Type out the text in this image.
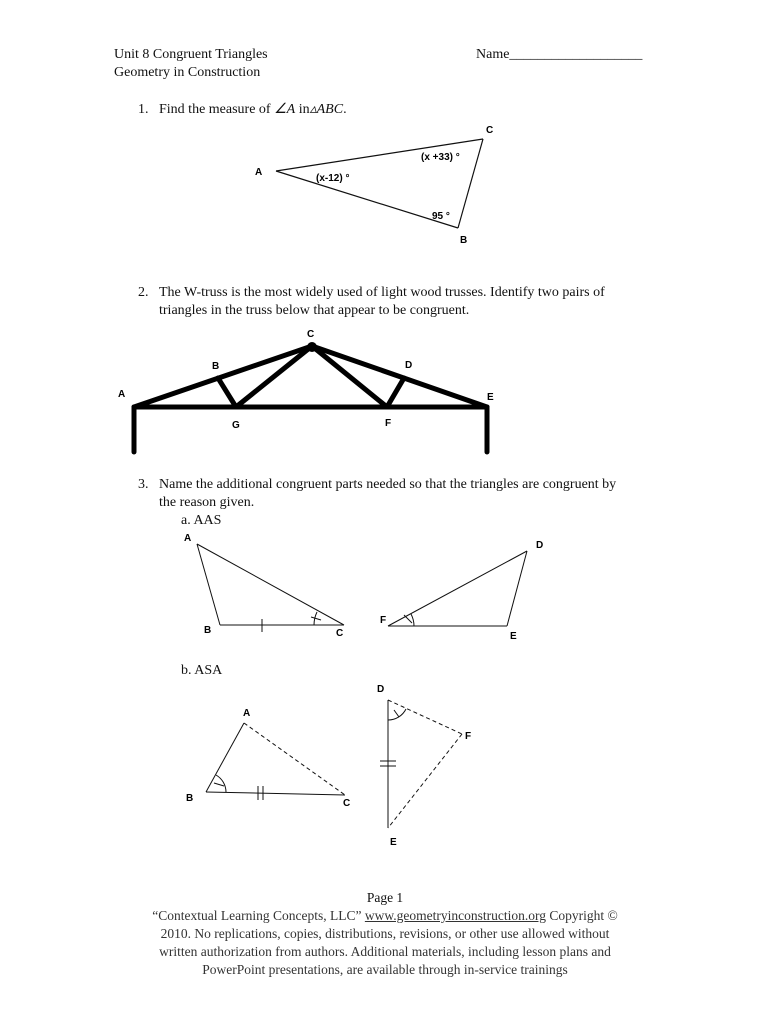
Unit 8 Congruent Triangles
Geometry in Construction
Name___________________
1. Find the measure of ∠A in▵ABC.
2. The W-truss is the most widely used of light wood trusses. Identify two pairs of
triangles in the truss below that appear to be congruent.
3. Name the additional congruent parts needed so that the triangles are congruent by
the reason given.
a. AAS
b. ASA
A
C
B
(x-12) °
(x +33) °
95 °
C
B	D
A	E
G	F
A
B	C
D
E
F
A
B	C
D
E
F
Page 1
“Contextual Learning Concepts, LLC” www.geometryinconstruction.org Copyright ©
2010. No replications, copies, distributions, revisions, or other use allowed without
written authorization from authors. Additional materials, including lesson plans and
PowerPoint presentations, are available through in-service trainings
